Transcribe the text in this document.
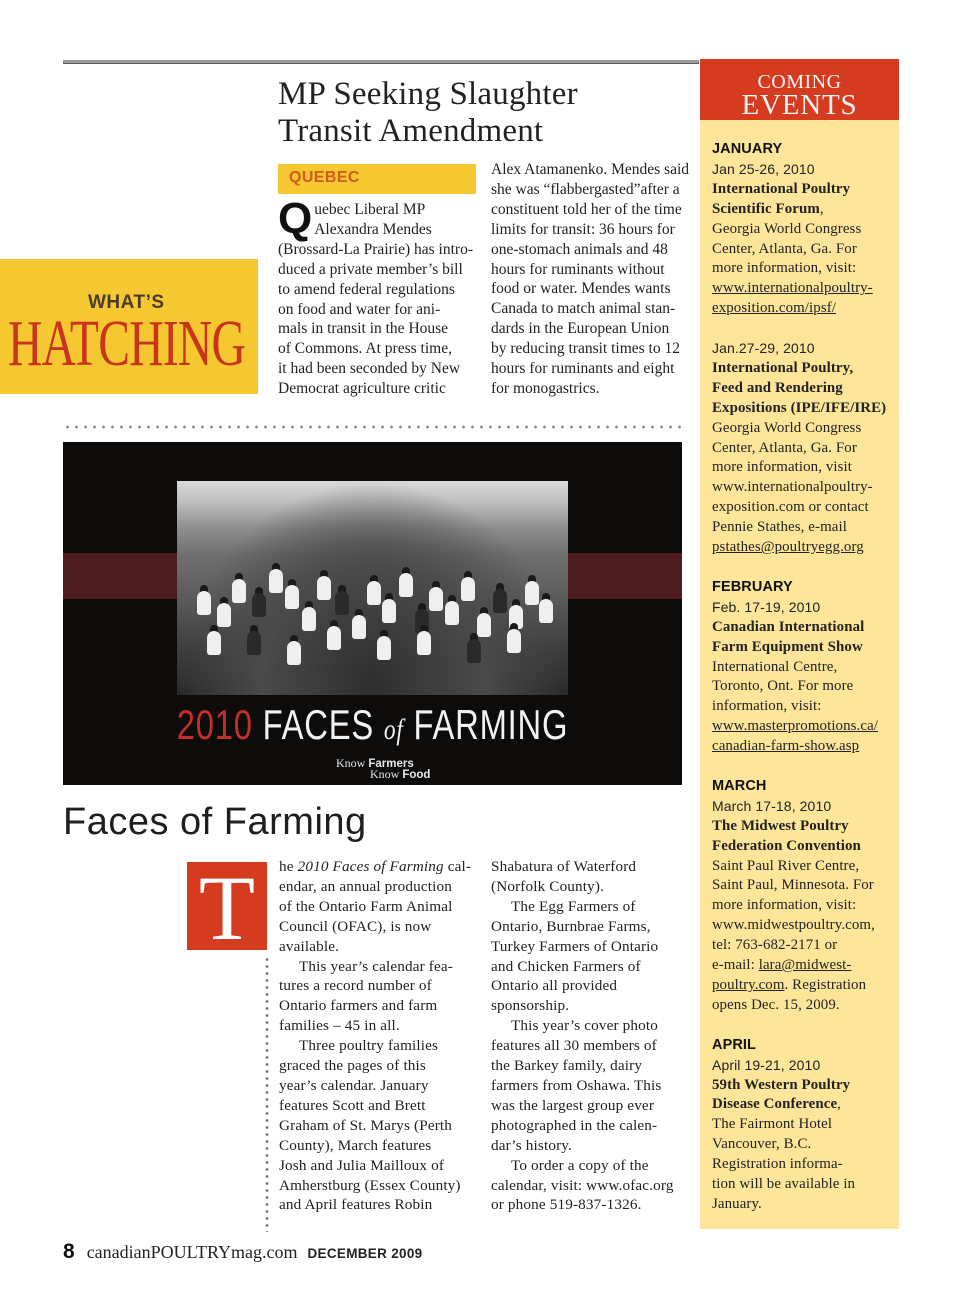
MP Seeking Slaughter
Transit Amendment
QUEBEC
Q uebec Liberal MP

Alexandra Mendes

(Brossard-La Prairie) has intro-

duced a private member’s bill

to amend federal regulations

on food and water for ani-

mals in transit in the House

of Commons. At press time,

it had been seconded by New

Democrat agriculture critic

Alex Atamanenko. Mendes said

she was “flabbergasted”after a

constituent told her of the time

limits for transit: 36 hours for

one-stomach animals and 48

hours for ruminants without

food or water. Mendes wants

Canada to match animal stan-

dards in the European Union

by reducing transit times to 12

hours for ruminants and eight

for monogastrics.

WHAT’S
HATCHING
2010 FACES of FARMING
Know Farmers
Know Food
Faces of Farming
T	he 2010 Faces of Farming cal-

endar, an annual production

of the Ontario Farm Animal

Council (OFAC), is now

available.

This year’s calendar fea-

tures a record number of

Ontario farmers and farm

families – 45 in all.

Three poultry families

graced the pages of this

year’s calendar. January

features Scott and Brett

Graham of St. Marys (Perth

County), March features

Josh and Julia Mailloux of

Amherstburg (Essex County)

and April features Robin

Shabatura of Waterford

(Norfolk County).

The Egg Farmers of

Ontario, Burnbrae Farms,

Turkey Farmers of Ontario

and Chicken Farmers of

Ontario all provided

sponsorship.

This year’s cover photo

features all 30 members of

the Barkey family, dairy

farmers from Oshawa. This

was the largest group ever

photographed in the calen-

dar’s history.

To order a copy of the

calendar, visit: www.ofac.org

or phone 519-837-1326.

COMING
EVENTS
JANUARY
Jan 25-26, 2010
International Poultry
Scientific Forum,
Georgia World Congress
Center, Atlanta, Ga. For
more information, visit:
www.internationalpoultry-
exposition.com/ipsf/
Jan.27-29, 2010
International Poultry,
Feed and Rendering
Expositions (IPE/IFE/IRE)
Georgia World Congress
Center, Atlanta, Ga. For
more information, visit
www.internationalpoultry-
exposition.com or contact
Pennie Stathes, e-mail
pstathes@poultryegg.org
FEBRUARY
Feb. 17-19, 2010
Canadian International
Farm Equipment Show
International Centre,
Toronto, Ont. For more
information, visit:
www.masterpromotions.ca/
canadian-farm-show.asp
MARCH
March 17-18, 2010
The Midwest Poultry
Federation Convention
Saint Paul River Centre,
Saint Paul, Minnesota. For
more information, visit:
www.midwestpoultry.com,
tel: 763-682-2171 or
e-mail: lara@midwest-
poultry.com. Registration
opens Dec. 15, 2009.
APRIL
April 19-21, 2010
59th Western Poultry
Disease Conference,
The Fairmont Hotel
Vancouver, B.C.
Registration informa-
tion will be available in
January.
8 canadianPOULTRYmag.com DECEMBER 2009
